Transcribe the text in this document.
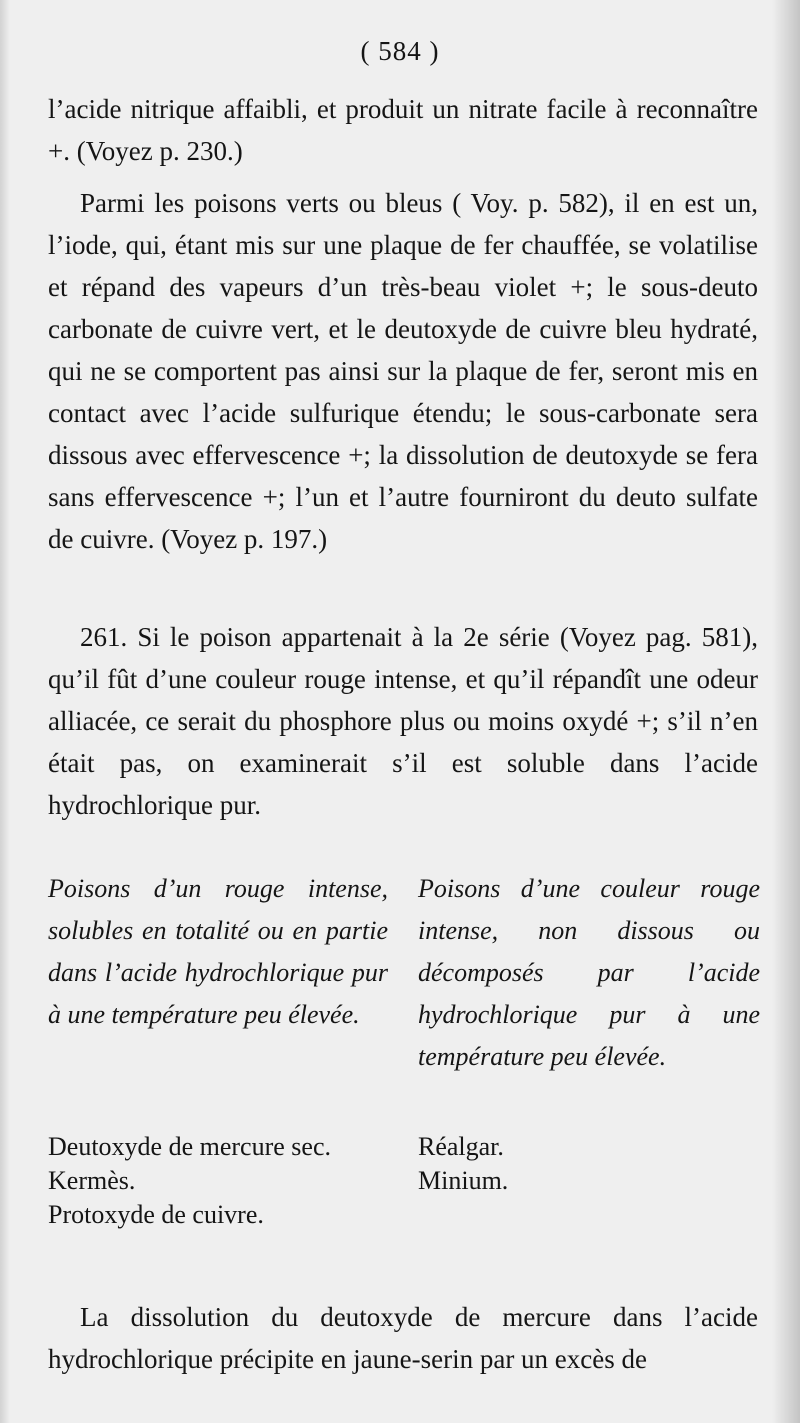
( 584 )

l’acide nitrique affaibli, et produit un nitrate facile à reconnaître +. (Voyez p. 230.)

Parmi les poisons verts ou bleus ( Voy. p. 582), il en est un, l’iode, qui, étant mis sur une plaque de fer chauffée, se volatilise et répand des vapeurs d’un très-beau violet +; le sous-deuto carbonate de cuivre vert, et le deutoxyde de cuivre bleu hydraté, qui ne se comportent pas ainsi sur la plaque de fer, seront mis en contact avec l’acide sulfurique étendu; le sous-carbonate sera dissous avec effervescence +; la dissolution de deutoxyde se fera sans effervescence +; l’un et l’autre fourniront du deuto sulfate de cuivre. (Voyez p. 197.)

261. Si le poison appartenait à la 2e série (Voyez pag. 581), qu’il fût d’une couleur rouge intense, et qu’il répandît une odeur alliacée, ce serait du phosphore plus ou moins oxydé +; s’il n’en était pas, on examinerait s’il est soluble dans l’acide hydrochlorique pur.

Poisons d’un rouge intense, solubles en totalité ou en partie dans l’acide hydrochlorique pur à une température peu élevée.
Poisons d’une couleur rouge intense, non dissous ou décomposés par l’acide hydrochlorique pur à une température peu élevée.
Deutoxyde de mercure sec.
Kermès.
Protoxyde de cuivre.
Réalgar.
Minium.

La dissolution du deutoxyde de mercure dans l’acide hydrochlorique précipite en jaune-serin par un excès de
